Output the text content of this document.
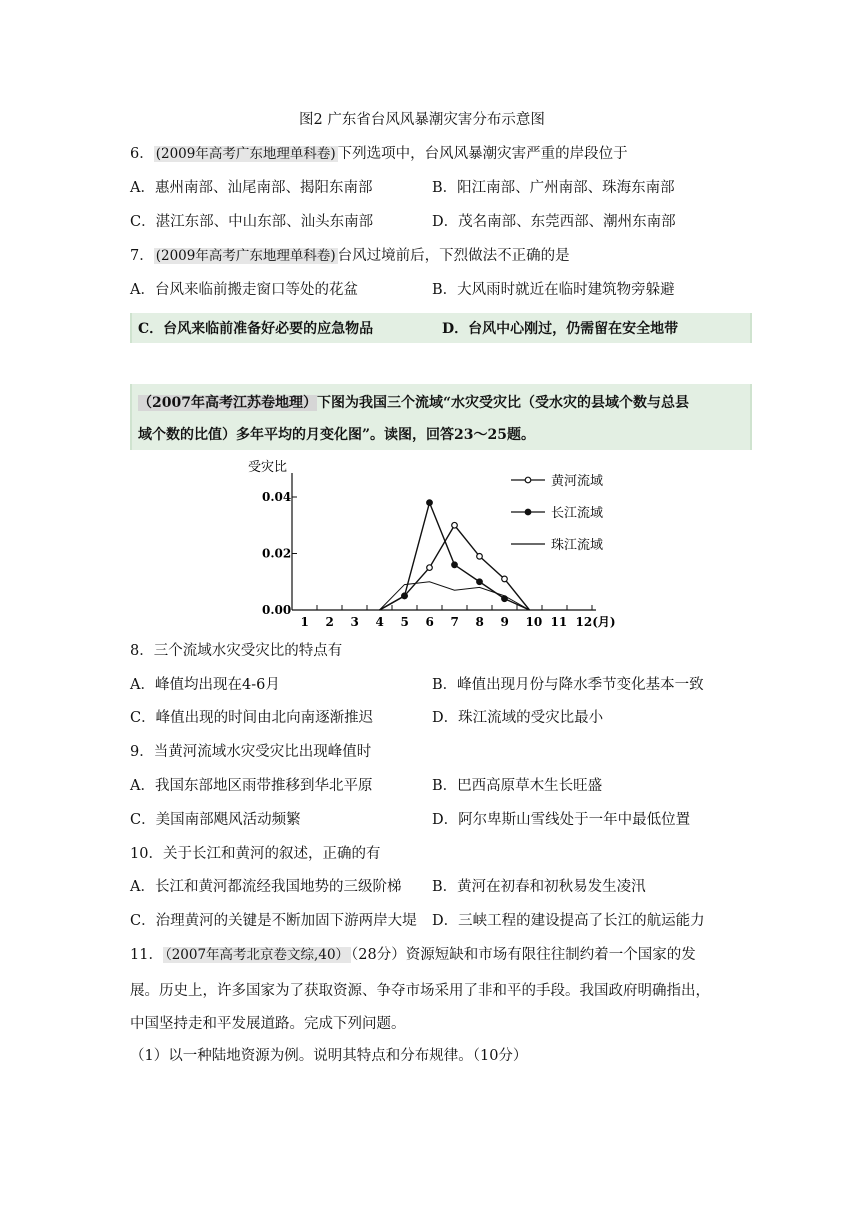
图2 广东省台风风暴潮灾害分布示意图
6． (2009年高考广东地理单科卷) 下列选项中，台风风暴潮灾害严重的岸段位于
A．惠州南部、汕尾南部、揭阳东南部	B．阳江南部、广州南部、珠海东南部
C．湛江东部、中山东部、汕头东南部	D．茂名南部、东莞西部、潮州东南部
7． (2009年高考广东地理单科卷) 台风过境前后，下烈做法不正确的是
A．台风来临前搬走窗口等处的花盆	B．大风雨时就近在临时建筑物旁躲避
C．台风来临前准备好必要的应急物品	D．台风中心刚过，仍需留在安全地带
（2007年高考江苏卷地理）下图为我国三个流域“水灾受灾比（受水灾的县域个数与总县
域个数的比值）多年平均的月变化图”。读图，回答23～25题。
受灾比
0.00
0.02
0.04
1 2 3 4 5 6 7 8 9 10 11 12(月)
黄河流域
长江流域
珠江流域
8．三个流域水灾受灾比的特点有
A．峰值均出现在4-6月	B．峰值出现月份与降水季节变化基本一致
C．峰值出现的时间由北向南逐渐推迟	D．珠江流域的受灾比最小
9．当黄河流域水灾受灾比出现峰值时
A．我国东部地区雨带推移到华北平原	B．巴西高原草木生长旺盛
C．美国南部飓风活动频繁	D．阿尔卑斯山雪线处于一年中最低位置
10．关于长江和黄河的叙述，正确的有
A．长江和黄河都流经我国地势的三级阶梯 B．黄河在初春和初秋易发生凌汛
C．治理黄河的关键是不断加固下游两岸大堤 D．三峡工程的建设提高了长江的航运能力
11． （2007年高考北京卷文综,40） （28分）资源短缺和市场有限往往制约着一个国家的发
展。历史上，许多国家为了获取资源、争夺市场采用了非和平的手段。我国政府明确指出，
中国坚持走和平发展道路。完成下列问题。
（1）以一种陆地资源为例。说明其特点和分布规律。（10分）
